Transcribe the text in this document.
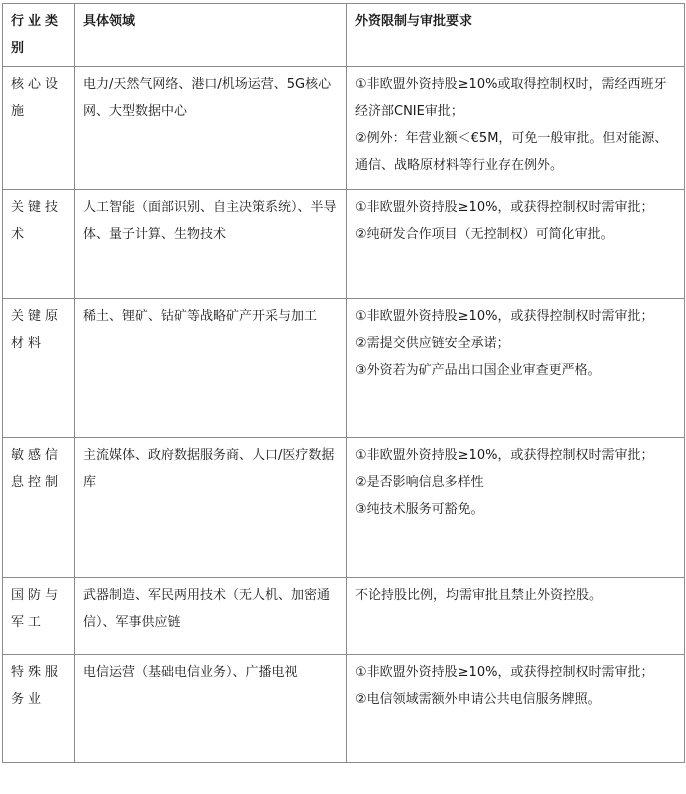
行业类别	具体领域	外资限制与审批要求
核心设施	电力/天然气网络、港口/机场运营、5G核心网、大型数据中心	①非欧盟外资持股≥10%或取得控制权时，需经西班牙经济部CNIE审批；
②例外：年营业额＜€5M，可免一般审批。但对能源、通信、战略原材料等行业存在例外。

关键技术	人工智能（面部识别、自主决策系统）、半导体、量子计算、生物技术	①非欧盟外资持股≥10%，或获得控制权时需审批；
②纯研发合作项目（无控制权）可简化审批。

关键原材料	稀土、锂矿、钴矿等战略矿产开采与加工	①非欧盟外资持股≥10%，或获得控制权时需审批；
②需提交供应链安全承诺；
③外资若为矿产品出口国企业审查更严格。

敏感信息控制	主流媒体、政府数据服务商、人口/医疗数据库	①非欧盟外资持股≥10%，或获得控制权时需审批；
②是否影响信息多样性
③纯技术服务可豁免。

国防与军工	武器制造、军民两用技术（无人机、加密通信）、军事供应链	不论持股比例，均需审批且禁止外资控股。

特殊服务业	电信运营（基础电信业务）、广播电视	①非欧盟外资持股≥10%，或获得控制权时需审批；
②电信领域需额外申请公共电信服务牌照。
